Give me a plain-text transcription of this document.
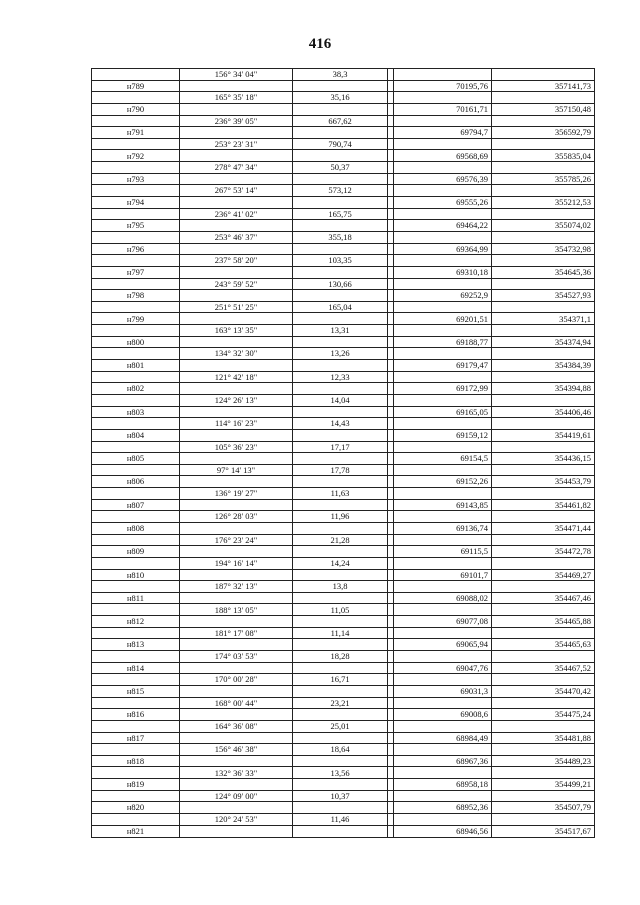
416
	156° 34' 04"	38,3			
н789				70195,76	357141,73
	165° 35' 18"	35,16			
н790				70161,71	357150,48
	236° 39' 05"	667,62			
н791				69794,7	356592,79
	253° 23' 31"	790,74			
н792				69568,69	355835,04
	278° 47' 34"	50,37			
н793				69576,39	355785,26
	267° 53' 14"	573,12			
н794				69555,26	355212,53
	236° 41' 02"	165,75			
н795				69464,22	355074,02
	253° 46' 37"	355,18			
н796				69364,99	354732,98
	237° 58' 20"	103,35			
н797				69310,18	354645,36
	243° 59' 52"	130,66			
н798				69252,9	354527,93
	251° 51' 25"	165,04			
н799				69201,51	354371,1
	163° 13' 35"	13,31			
н800				69188,77	354374,94
	134° 32' 30"	13,26			
н801				69179,47	354384,39
	121° 42' 18"	12,33			
н802				69172,99	354394,88
	124° 26' 13"	14,04			
н803				69165,05	354406,46
	114° 16' 23"	14,43			
н804				69159,12	354419,61
	105° 36' 23"	17,17			
н805				69154,5	354436,15
	97° 14' 13"	17,78			
н806				69152,26	354453,79
	136° 19' 27"	11,63			
н807				69143,85	354461,82
	126° 28' 03"	11,96			
н808				69136,74	354471,44
	176° 23' 24"	21,28			
н809				69115,5	354472,78
	194° 16' 14"	14,24			
н810				69101,7	354469,27
	187° 32' 13"	13,8			
н811				69088,02	354467,46
	188° 13' 05"	11,05			
н812				69077,08	354465,88
	181° 17' 08"	11,14			
н813				69065,94	354465,63
	174° 03' 53"	18,28			
н814				69047,76	354467,52
	170° 00' 28"	16,71			
н815				69031,3	354470,42
	168° 00' 44"	23,21			
н816				69008,6	354475,24
	164° 36' 08"	25,01			
н817				68984,49	354481,88
	156° 46' 38"	18,64			
н818				68967,36	354489,23
	132° 36' 33"	13,56			
н819				68958,18	354499,21
	124° 09' 00"	10,37			
н820				68952,36	354507,79
	120° 24' 53"	11,46			
н821				68946,56	354517,67
